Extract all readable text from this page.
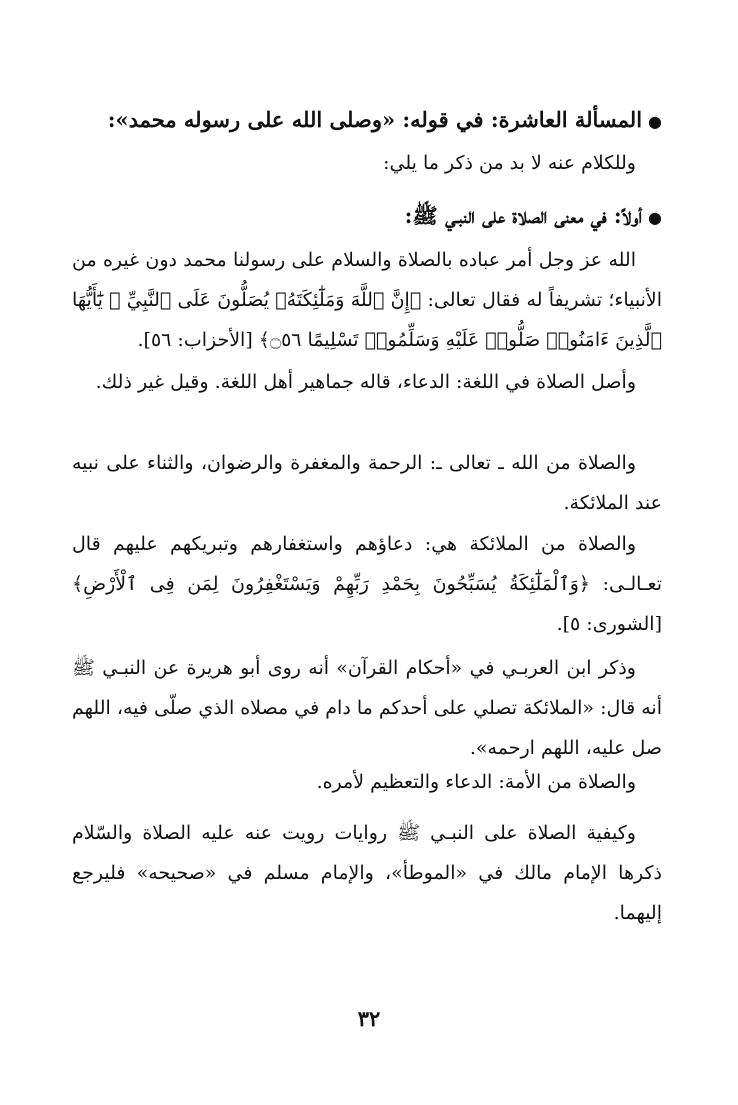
●المسألة العاشرة: في قوله: «وصلى الله على رسوله محمد»:
وللكلام عنه لا بد من ذكر ما يلي:
●أولاً: في معنى الصلاة على النبـي ﷺ:
الله عز وجل أمر عباده بالصلاة والسلام على رسولنا محمد دون غيره من الأنبياء؛ تشريفاً له فقال تعالى: ﴿إِنَّ ٱللَّهَ وَمَلَٰٓئِكَتَهُۥ يُصَلُّونَ عَلَى ٱلنَّبِيِّ ۚ يَٰٓأَيُّهَا ٱلَّذِينَ ءَامَنُوا۟ صَلُّوا۟ عَلَيْهِ وَسَلِّمُوا۟ تَسْلِيمًا ۝٥٦﴾ [الأحزاب: ٥٦].
وأصل الصلاة في اللغة: الدعاء، قاله جماهير أهل اللغة. وقيل غير ذلك.
والصلاة من الله ـ تعالى ـ: الرحمة والمغفرة والرضوان، والثناء على نبيه عند الملائكة.
والصلاة من الملائكة هي: دعاؤهم واستغفارهم وتبريكهم عليهم قال تعـالـى: ﴿وَٱلْمَلَٰٓئِكَةُ يُسَبِّحُونَ بِحَمْدِ رَبِّهِمْ وَيَسْتَغْفِرُونَ لِمَن فِى ٱلْأَرْضِ﴾ [الشورى: ٥].
وذكر ابن العربـي في «أحكام القرآن» أنه روى أبو هريرة عن النبـي ﷺ أنه قال: «الملائكة تصلي على أحدكم ما دام في مصلاه الذي صلّى فيه، اللهم صل عليه، اللهم ارحمه».
والصلاة من الأمة: الدعاء والتعظيم لأمره.
وكيفية الصلاة على النبـي ﷺ روايات رويت عنه عليه الصلاة والسّلام ذكرها الإمام مالك في «الموطأ»، والإمام مسلم في «صحيحه» فليرجع إليهما.
٣٢
